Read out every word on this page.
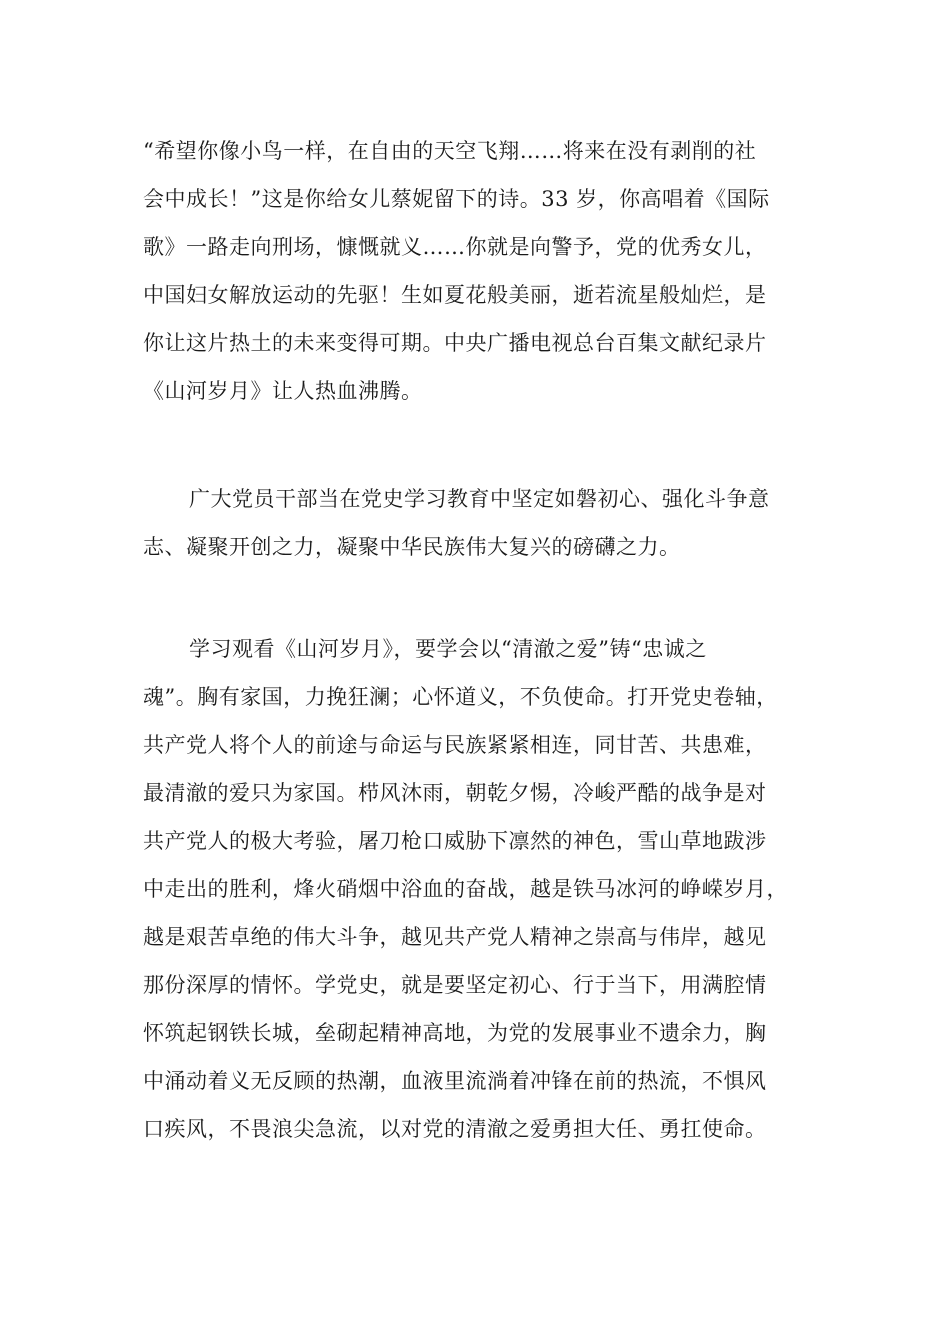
“希望你像小鸟一样，在自由的天空飞翔……将来在没有剥削的社
会中成长！”这是你给女儿蔡妮留下的诗。33 岁，你高唱着《国际
歌》一路走向刑场，慷慨就义……你就是向警予，党的优秀女儿，
中国妇女解放运动的先驱！生如夏花般美丽，逝若流星般灿烂，是
你让这片热土的未来变得可期。中央广播电视总台百集文献纪录片
《山河岁月》让人热血沸腾。
广大党员干部当在党史学习教育中坚定如磐初心、强化斗争意
志、凝聚开创之力，凝聚中华民族伟大复兴的磅礴之力。
学习观看《山河岁月》，要学会以“清澈之爱”铸“忠诚之
魂”。胸有家国，力挽狂澜；心怀道义，不负使命。打开党史卷轴，
共产党人将个人的前途与命运与民族紧紧相连，同甘苦、共患难，
最清澈的爱只为家国。栉风沐雨，朝乾夕惕，冷峻严酷的战争是对
共产党人的极大考验，屠刀枪口威胁下凛然的神色，雪山草地跋涉
中走出的胜利，烽火硝烟中浴血的奋战，越是铁马冰河的峥嵘岁月，
越是艰苦卓绝的伟大斗争，越见共产党人精神之崇高与伟岸，越见
那份深厚的情怀。学党史，就是要坚定初心、行于当下，用满腔情
怀筑起钢铁长城，垒砌起精神高地，为党的发展事业不遗余力，胸
中涌动着义无反顾的热潮，血液里流淌着冲锋在前的热流，不惧风
口疾风，不畏浪尖急流，以对党的清澈之爱勇担大任、勇扛使命。
